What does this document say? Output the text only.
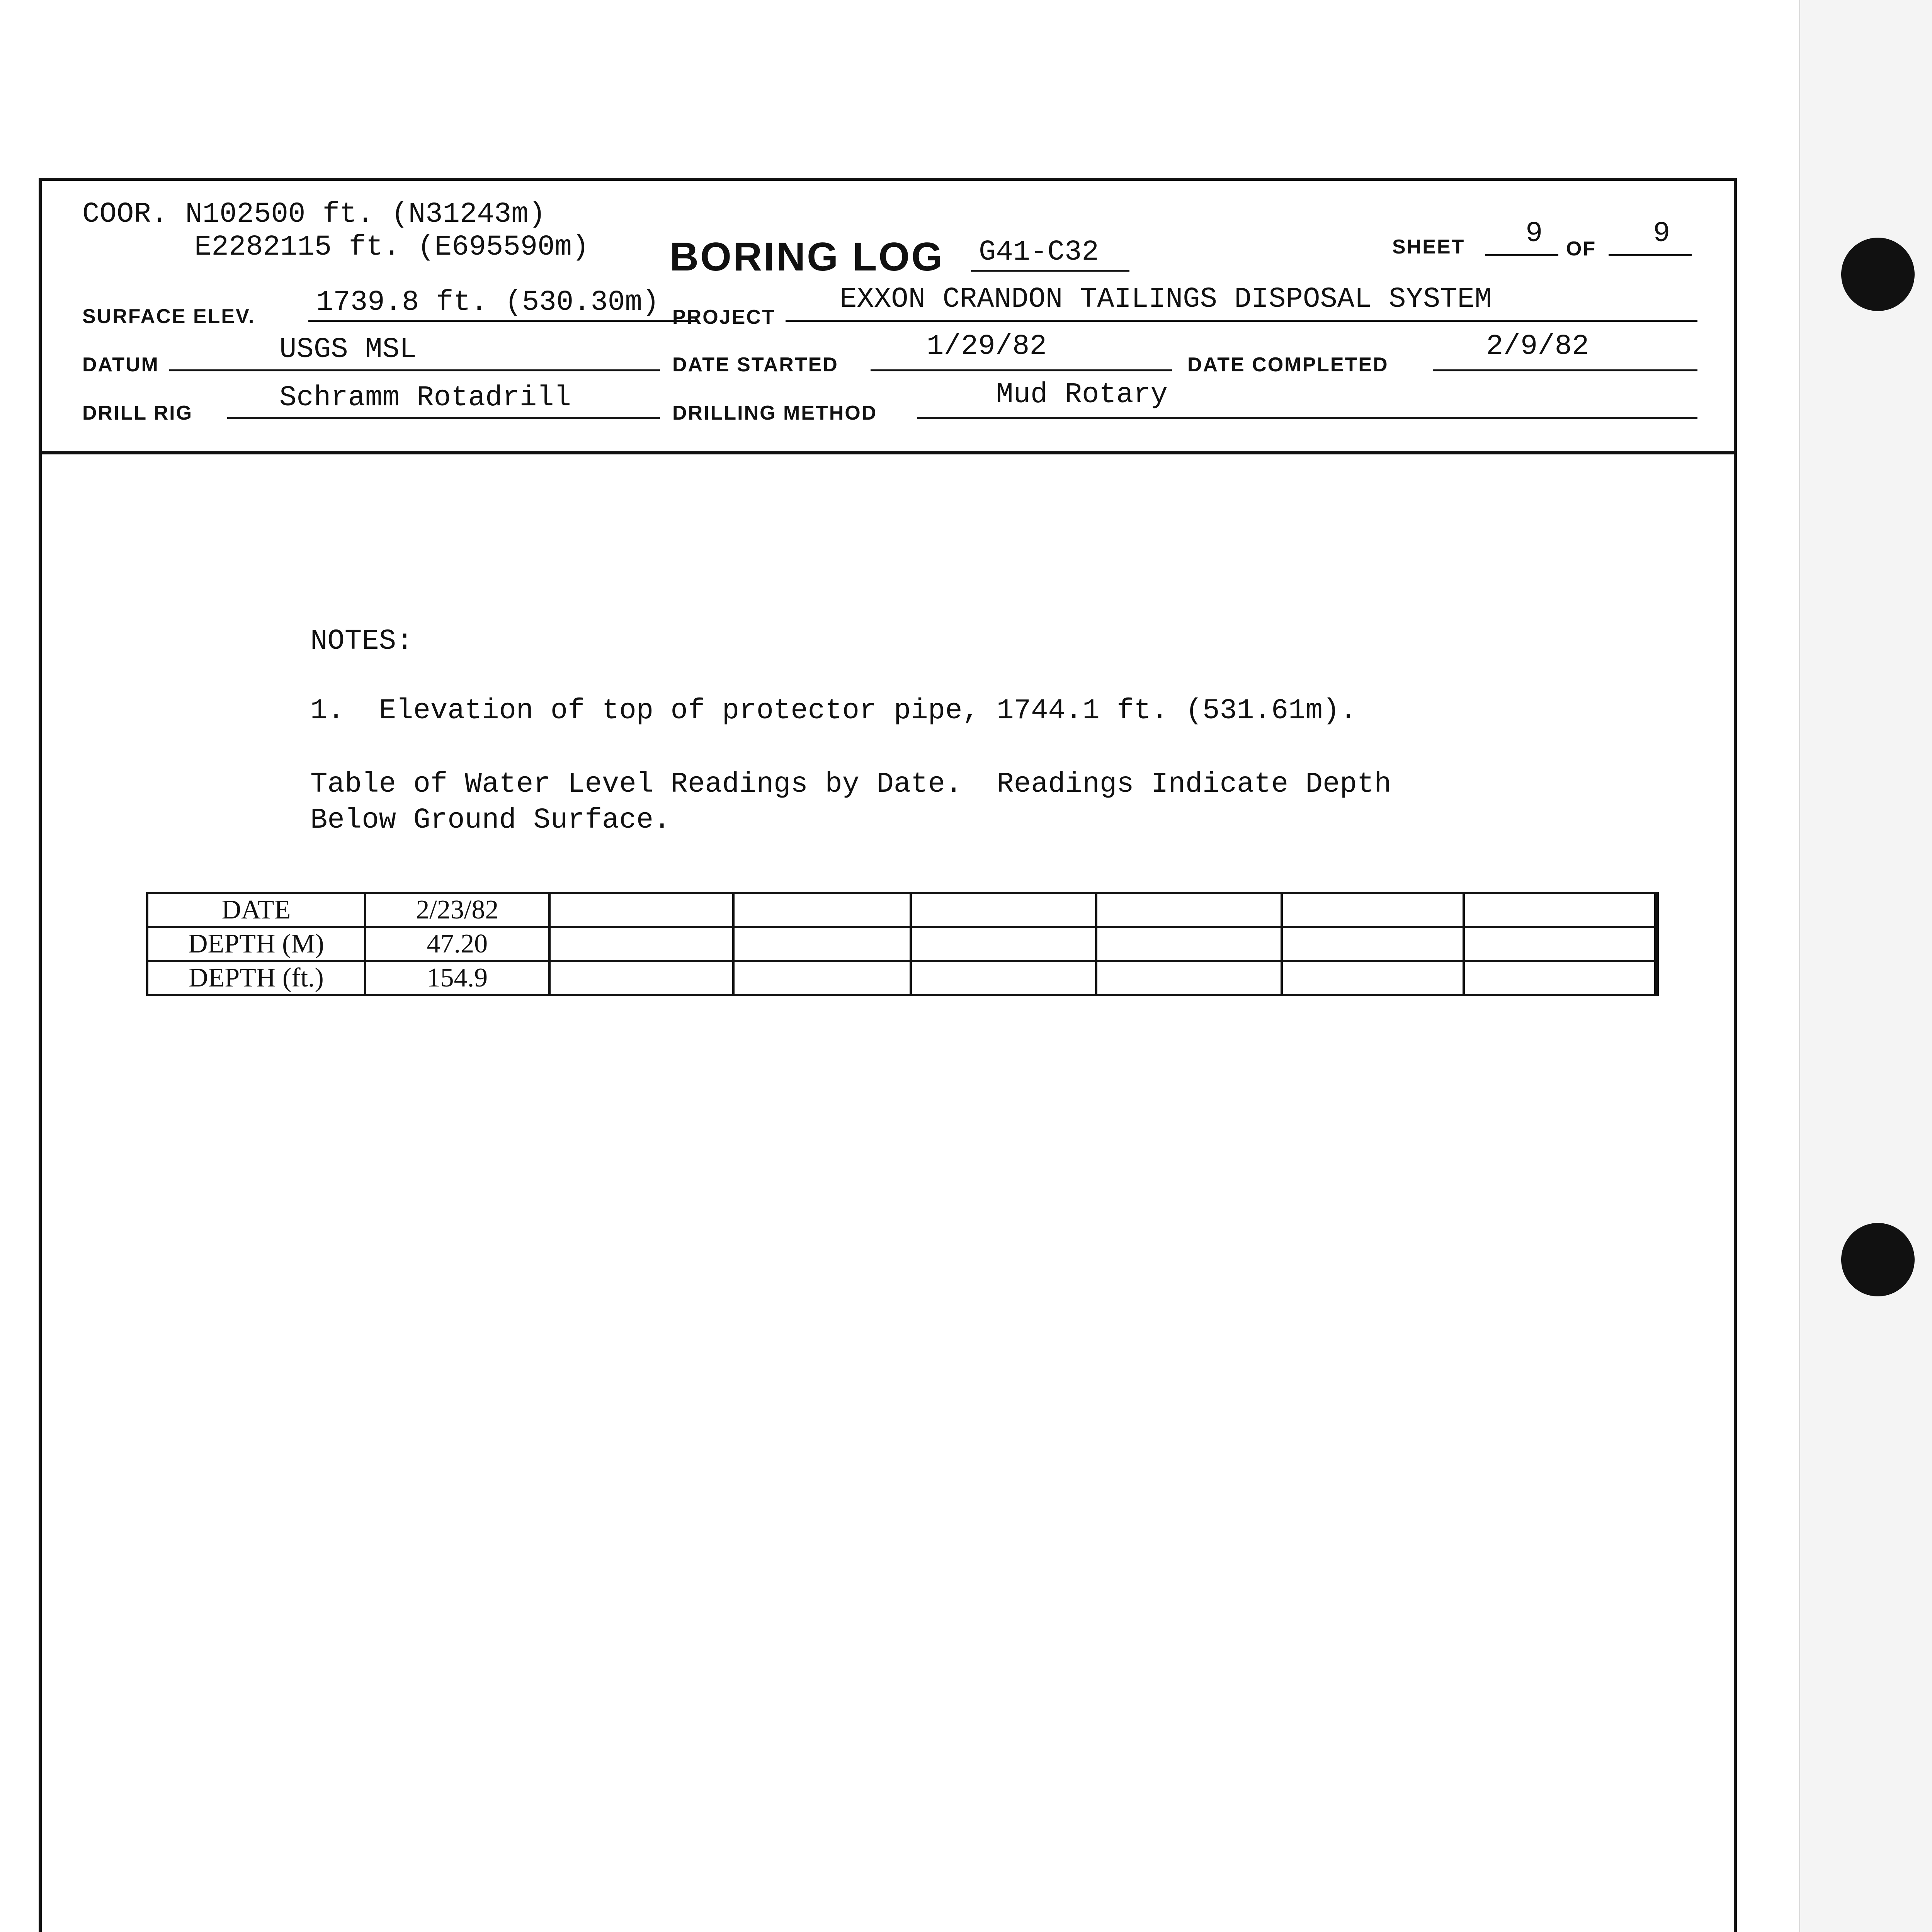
COOR. N102500 ft. (N31243m)
E2282115 ft. (E695590m) BORING LOG G41-C32	SHEET 9 OF 9
SURFACE ELEV. 1739.8 ft. (530.30m) PROJECT
EXXON CRANDON TAILINGS DISPOSAL SYSTEM
DATUM	USGS MSL	DATE STARTED
1/29/82
DATE COMPLETED
2/9/82
DRILL RIG	Schramm Rotadrill	DRILLING METHOD
Mud Rotary
NOTES:
1.  Elevation of top of protector pipe, 1744.1 ft. (531.61m).
Table of Water Level Readings by Date.  Readings Indicate Depth
Below Ground Surface.
DATE	2/23/82							
DEPTH (M)	47.20							
DEPTH (ft.)	154.9							
